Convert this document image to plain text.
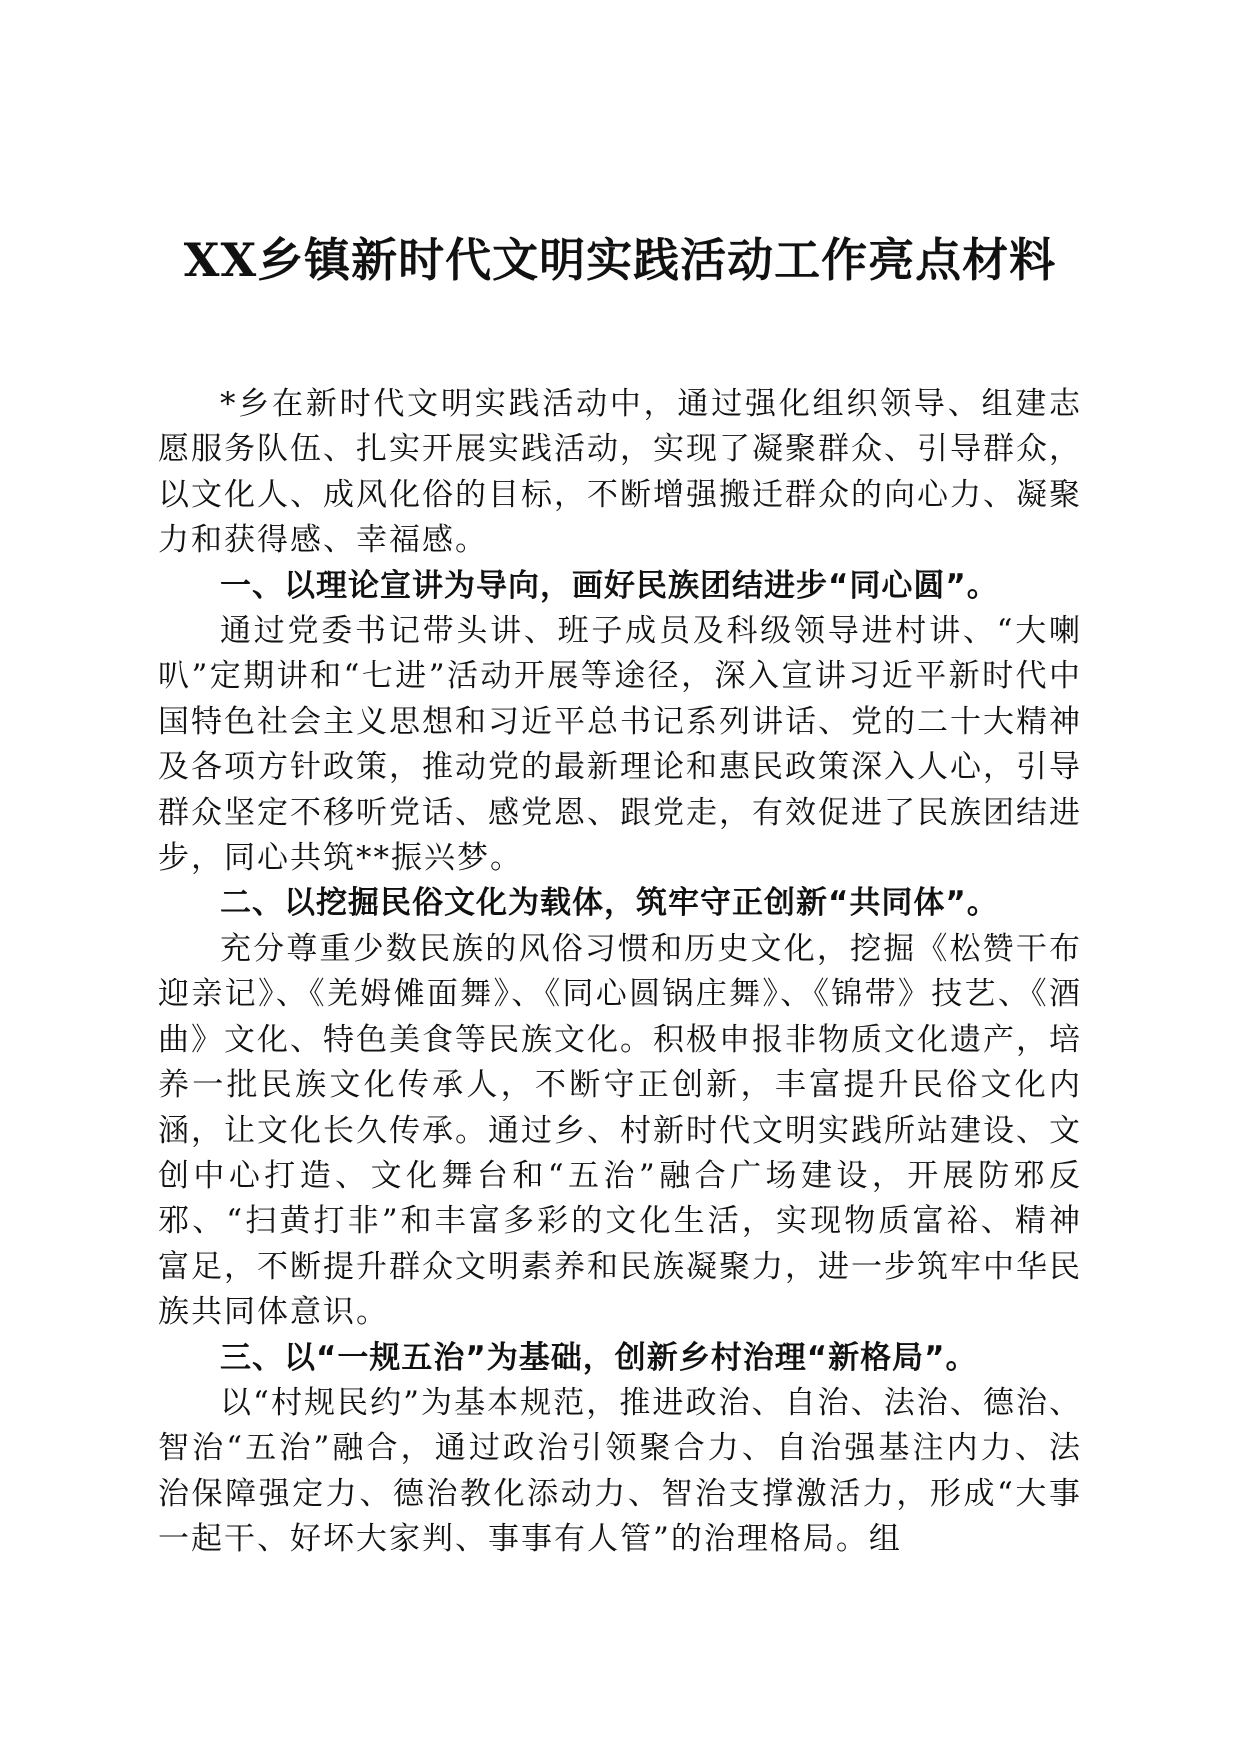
XX乡镇新时代文明实践活动工作亮点材料

*乡在新时代文明实践活动中，通过强化组织领导、组建志愿服务队伍、扎实开展实践活动，实现了凝聚群众、引导群众，以文化人、成风化俗的目标，不断增强搬迁群众的向心力、凝聚力和获得感、幸福感。

一、以理论宣讲为导向，画好民族团结进步“同心圆”。

通过党委书记带头讲、班子成员及科级领导进村讲、“大喇叭”定期讲和“七进”活动开展等途径，深入宣讲习近平新时代中国特色社会主义思想和习近平总书记系列讲话、党的二十大精神及各项方针政策，推动党的最新理论和惠民政策深入人心，引导群众坚定不移听党话、感党恩、跟党走，有效促进了民族团结进步，同心共筑**振兴梦。

二、以挖掘民俗文化为载体，筑牢守正创新“共同体”。

充分尊重少数民族的风俗习惯和历史文化，挖掘《松赞干布迎亲记》、《羌姆傩面舞》、《同心圆锅庄舞》、《锦带》技艺、《酒曲》文化、特色美食等民族文化。积极申报非物质文化遗产，培养一批民族文化传承人，不断守正创新，丰富提升民俗文化内涵，让文化长久传承。通过乡、村新时代文明实践所站建设、文创中心打造、文化舞台和“五治”融合广场建设，开展防邪反邪、“扫黄打非”和丰富多彩的文化生活，实现物质富裕、精神富足，不断提升群众文明素养和民族凝聚力，进一步筑牢中华民族共同体意识。

三、以“一规五治”为基础，创新乡村治理“新格局”。

以“村规民约”为基本规范，推进政治、自治、法治、德治、智治“五治”融合，通过政治引领聚合力、自治强基注内力、法治保障强定力、德治教化添动力、智治支撑激活力，形成“大事一起干、好坏大家判、事事有人管”的治理格局。组
